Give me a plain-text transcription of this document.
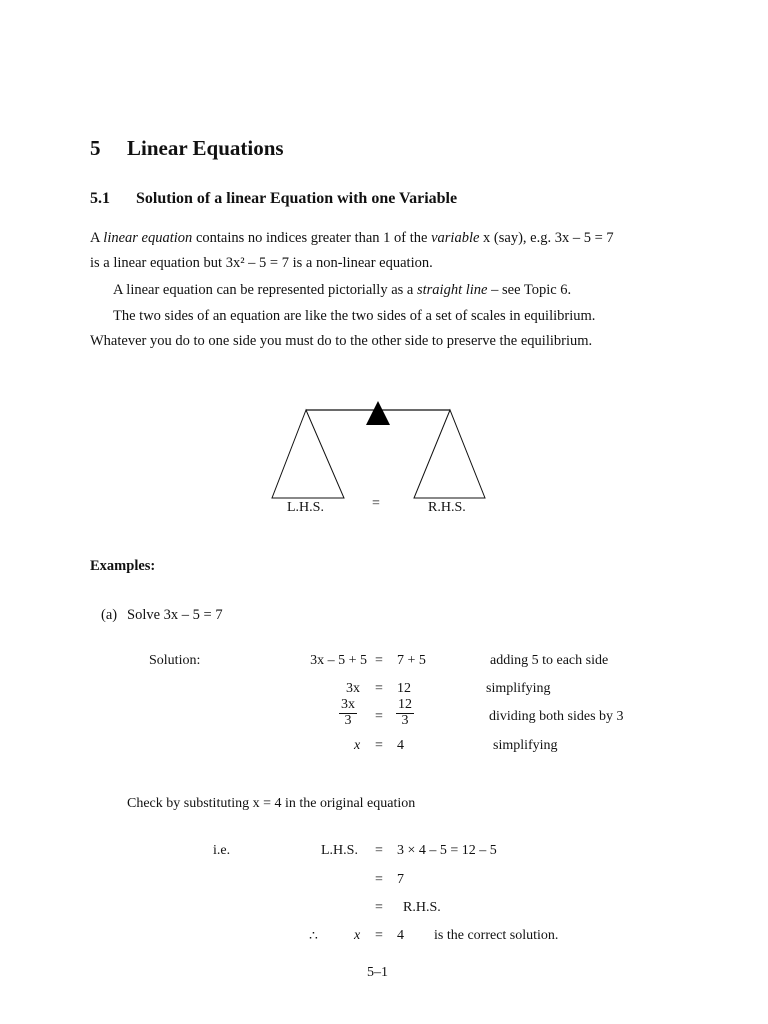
5 Linear Equations
5.1 Solution of a linear Equation with one Variable
A linear equation contains no indices greater than 1 of the variable x (say), e.g. 3x – 5 = 7
is a linear equation but 3x² – 5 = 7 is a non-linear equation.
A linear equation can be represented pictorially as a straight line – see Topic 6.
The two sides of an equation are like the two sides of a set of scales in equilibrium.
Whatever you do to one side you must do to the other side to preserve the equilibrium.
L.H.S.	=	R.H.S.
Examples:
(a) Solve 3x – 5 = 7
Solution:	3x – 5 + 5 = 7 + 5	adding 5 to each side
3x = 12	simplifying
$\frac{3x}{3} = \frac{12}{3}$	dividing both sides by 3
x = 4	simplifying
Check by substituting x = 4 in the original equation
i.e.	L.H.S. = 3 × 4 – 5 = 12 – 5
= 7
= R.H.S.
∴	x = 4 is the correct solution.
5–1
